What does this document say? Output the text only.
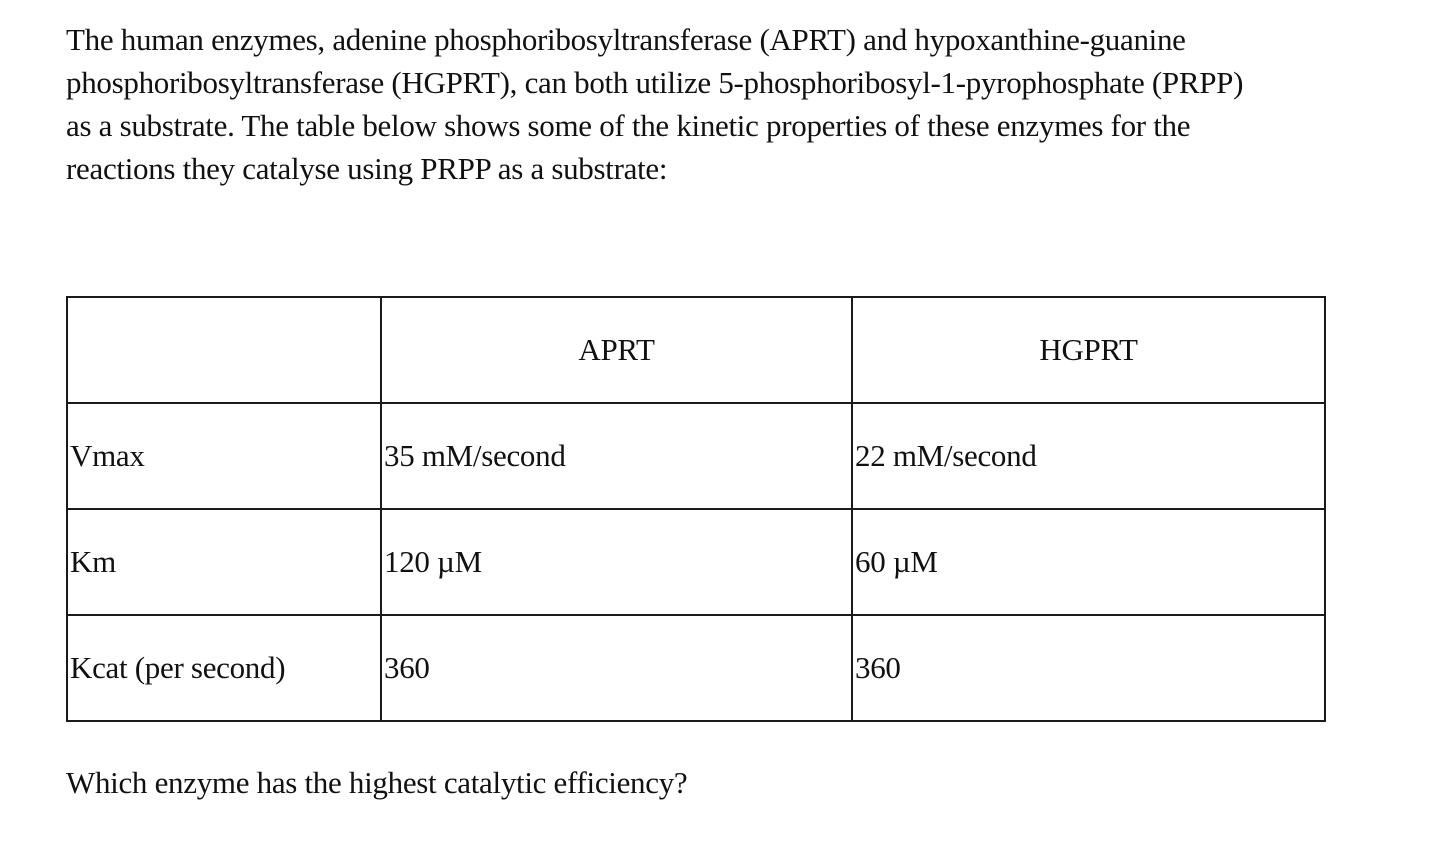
The human enzymes, adenine phosphoribosyltransferase (APRT) and hypoxanthine-guanine
phosphoribosyltransferase (HGPRT), can both utilize 5-phosphoribosyl-1-pyrophosphate (PRPP)
as a substrate. The table below shows some of the kinetic properties of these enzymes for the
reactions they catalyse using PRPP as a substrate:

	APRT	HGPRT
Vmax	35 mM/second	22 mM/second
Km	120 µM	60 µM
Kcat (per second)	360	360

Which enzyme has the highest catalytic efficiency?
